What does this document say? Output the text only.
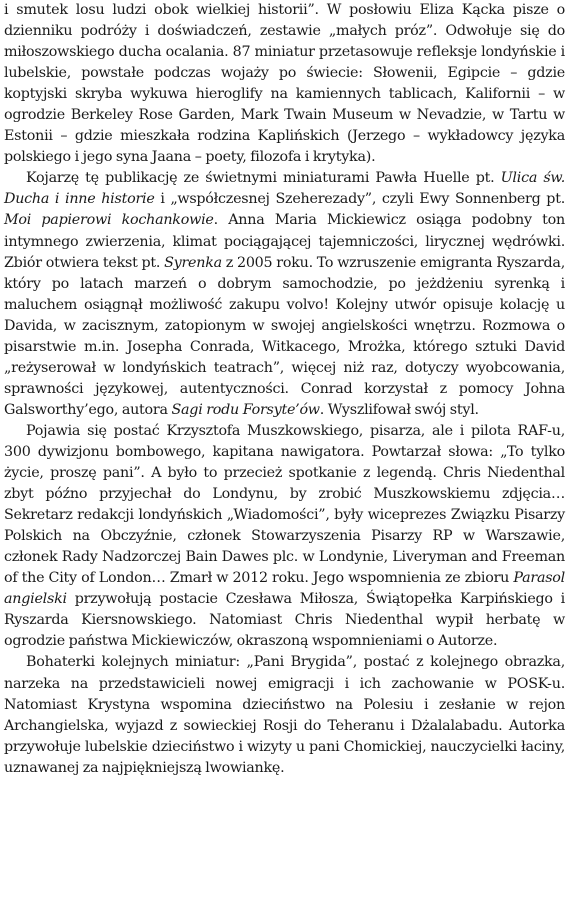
i smutek losu ludzi obok wielkiej historii”. W posłowiu Eliza Kącka pisze o dzienniku podróży i doświadczeń, zestawie „małych próz”. Odwołuje się do miłoszowskiego ducha ocalania. 87 miniatur przetasowuje refleksje londyńskie i lubelskie, powstałe podczas wojaży po świecie: Słowenii, Egipcie – gdzie koptyjski skryba wykuwa hieroglify na kamiennych tablicach, Kalifornii – w ogrodzie Berkeley Rose Garden, Mark Twain Museum w Nevadzie, w Tartu w Estonii – gdzie mieszkała rodzina Kaplińskich (Jerzego – wykładowcy języka polskiego i jego syna Jaana – poety, filozofa i krytyka).

Kojarzę tę publikację ze świetnymi miniaturami Pawła Huelle pt. Ulica św. Ducha i inne historie i „współczesnej Szeherezady”, czyli Ewy Sonnenberg pt. Moi papierowi kochankowie. Anna Maria Mickiewicz osiąga podobny ton intymnego zwierzenia, klimat pociągającej tajemniczości, lirycznej wędrówki. Zbiór otwiera tekst pt. Syrenka z 2005 roku. To wzruszenie emigranta Ryszarda, który po latach marzeń o dobrym samochodzie, po jeżdżeniu syrenką i maluchem osiągnął możliwość zakupu volvo! Kolejny utwór opisuje kolację u Davida, w zacisznym, zatopionym w swojej angielskości wnętrzu. Rozmowa o pisarstwie m.in. Josepha Conrada, Witkacego, Mrożka, którego sztuki David „reżyserował w londyńskich teatrach”, więcej niż raz, dotyczy wyobcowania, sprawności językowej, autentyczności. Conrad korzystał z pomocy Johna Galsworthy’ego, autora Sagi rodu Forsyte’ów. Wyszlifował swój styl.

Pojawia się postać Krzysztofa Muszkowskiego, pisarza, ale i pilota RAF-u, 300 dywizjonu bombowego, kapitana nawigatora. Powtarzał słowa: „To tylko życie, proszę pani”. A było to przecież spotkanie z legendą. Chris Niedenthal zbyt późno przyjechał do Londynu, by zrobić Muszkowskiemu zdjęcia… Sekretarz redakcji londyńskich „Wiadomości”, były wiceprezes Związku Pisarzy Polskich na Obczyźnie, członek Stowarzyszenia Pisarzy RP w Warszawie, członek Rady Nadzorczej Bain Dawes plc. w Londynie, Liveryman and Freeman of the City of London… Zmarł w 2012 roku. Jego wspomnienia ze zbioru Parasol angielski przywołują postacie Czesława Miłosza, Świątopełka Karpińskiego i Ryszarda Kiersnowskiego. Natomiast Chris Niedenthal wypił herbatę w ogrodzie państwa Mickiewiczów, okraszoną wspomnieniami o Autorze.

Bohaterki kolejnych miniatur: „Pani Brygida”, postać z kolejnego obrazka, narzeka na przedstawicieli nowej emigracji i ich zachowanie w POSK-u. Natomiast Krystyna wspomina dzieciństwo na Polesiu i zesłanie w rejon Archangielska, wyjazd z sowieckiej Rosji do Teheranu i Dżalalabadu. Autorka przywołuje lubelskie dzieciństwo i wizyty u pani Chomickiej, nauczycielki łaciny, uznawanej za najpiękniejszą lwowiankę.
